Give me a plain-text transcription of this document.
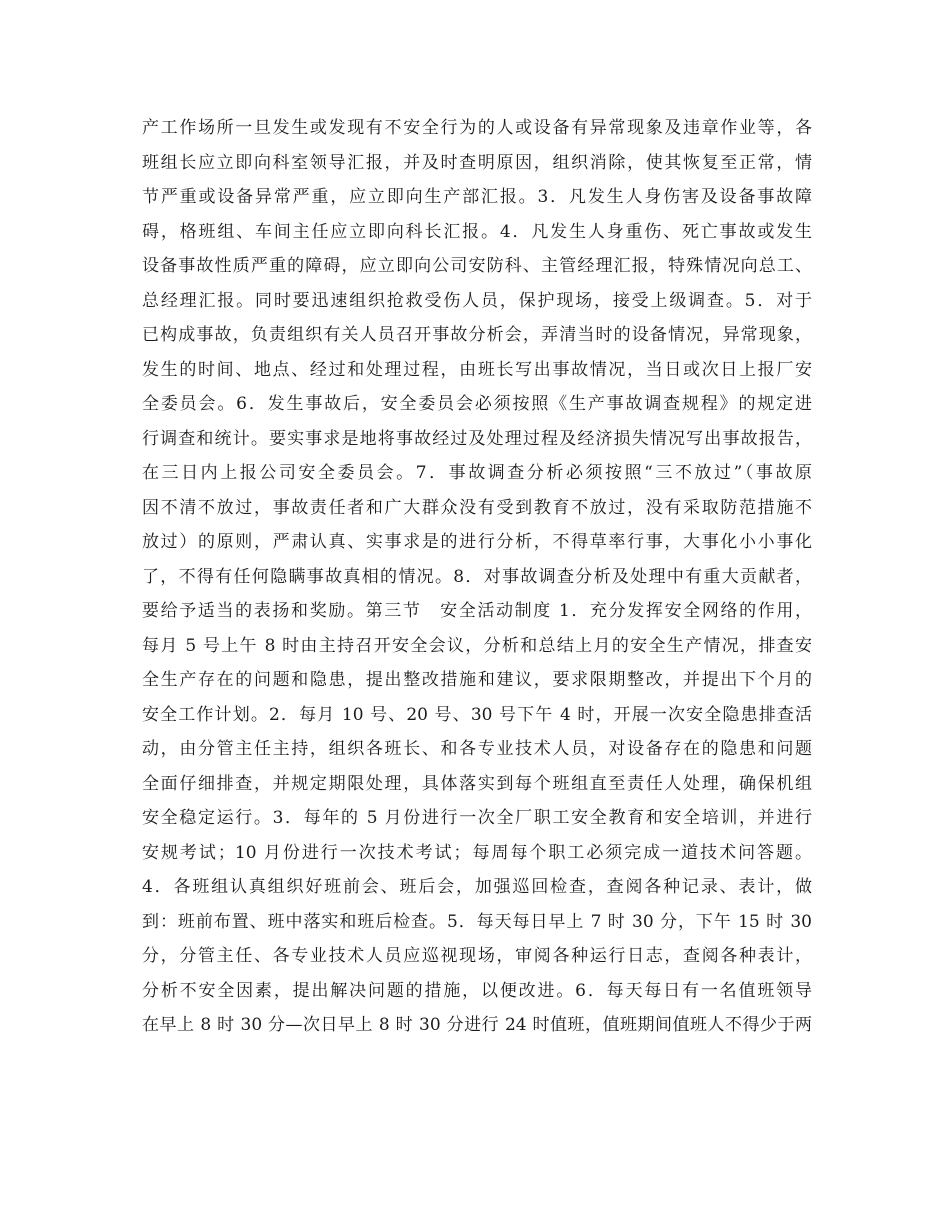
产工作场所一旦发生或发现有不安全行为的人或设备有异常现象及违章作业等，各
班组长应立即向科室领导汇报，并及时查明原因，组织消除，使其恢复至正常，情
节严重或设备异常严重，应立即向生产部汇报。3．凡发生人身伤害及设备事故障
碍，格班组、车间主任应立即向科长汇报。4．凡发生人身重伤、死亡事故或发生
设备事故性质严重的障碍，应立即向公司安防科、主管经理汇报，特殊情况向总工、
总经理汇报。同时要迅速组织抢救受伤人员，保护现场，接受上级调查。5．对于
已构成事故，负责组织有关人员召开事故分析会，弄清当时的设备情况，异常现象，
发生的时间、地点、经过和处理过程，由班长写出事故情况，当日或次日上报厂安
全委员会。6．发生事故后，安全委员会必须按照《生产事故调查规程》的规定进
行调查和统计。要实事求是地将事故经过及处理过程及经济损失情况写出事故报告，
在三日内上报公司安全委员会。7．事故调查分析必须按照“三不放过”（事故原
因不清不放过，事故责任者和广大群众没有受到教育不放过，没有采取防范措施不
放过）的原则，严肃认真、实事求是的进行分析，不得草率行事，大事化小小事化
了，不得有任何隐瞒事故真相的情况。8．对事故调查分析及处理中有重大贡献者，
要给予适当的表扬和奖励。第三节　安全活动制度 1．充分发挥安全网络的作用，
每月 5 号上午 8 时由主持召开安全会议，分析和总结上月的安全生产情况，排查安
全生产存在的问题和隐患，提出整改措施和建议，要求限期整改，并提出下个月的
安全工作计划。2．每月 10 号、20 号、30 号下午 4 时，开展一次安全隐患排查活
动，由分管主任主持，组织各班长、和各专业技术人员，对设备存在的隐患和问题
全面仔细排查，并规定期限处理，具体落实到每个班组直至责任人处理，确保机组
安全稳定运行。3．每年的 5 月份进行一次全厂职工安全教育和安全培训，并进行
安规考试；10 月份进行一次技术考试；每周每个职工必须完成一道技术问答题。
4．各班组认真组织好班前会、班后会，加强巡回检查，查阅各种记录、表计，做
到：班前布置、班中落实和班后检查。5．每天每日早上 7 时 30 分，下午 15 时 30
分，分管主任、各专业技术人员应巡视现场，审阅各种运行日志，查阅各种表计，
分析不安全因素，提出解决问题的措施，以便改进。6．每天每日有一名值班领导
在早上 8 时 30 分—次日早上 8 时 30 分进行 24 时值班，值班期间值班人不得少于两
